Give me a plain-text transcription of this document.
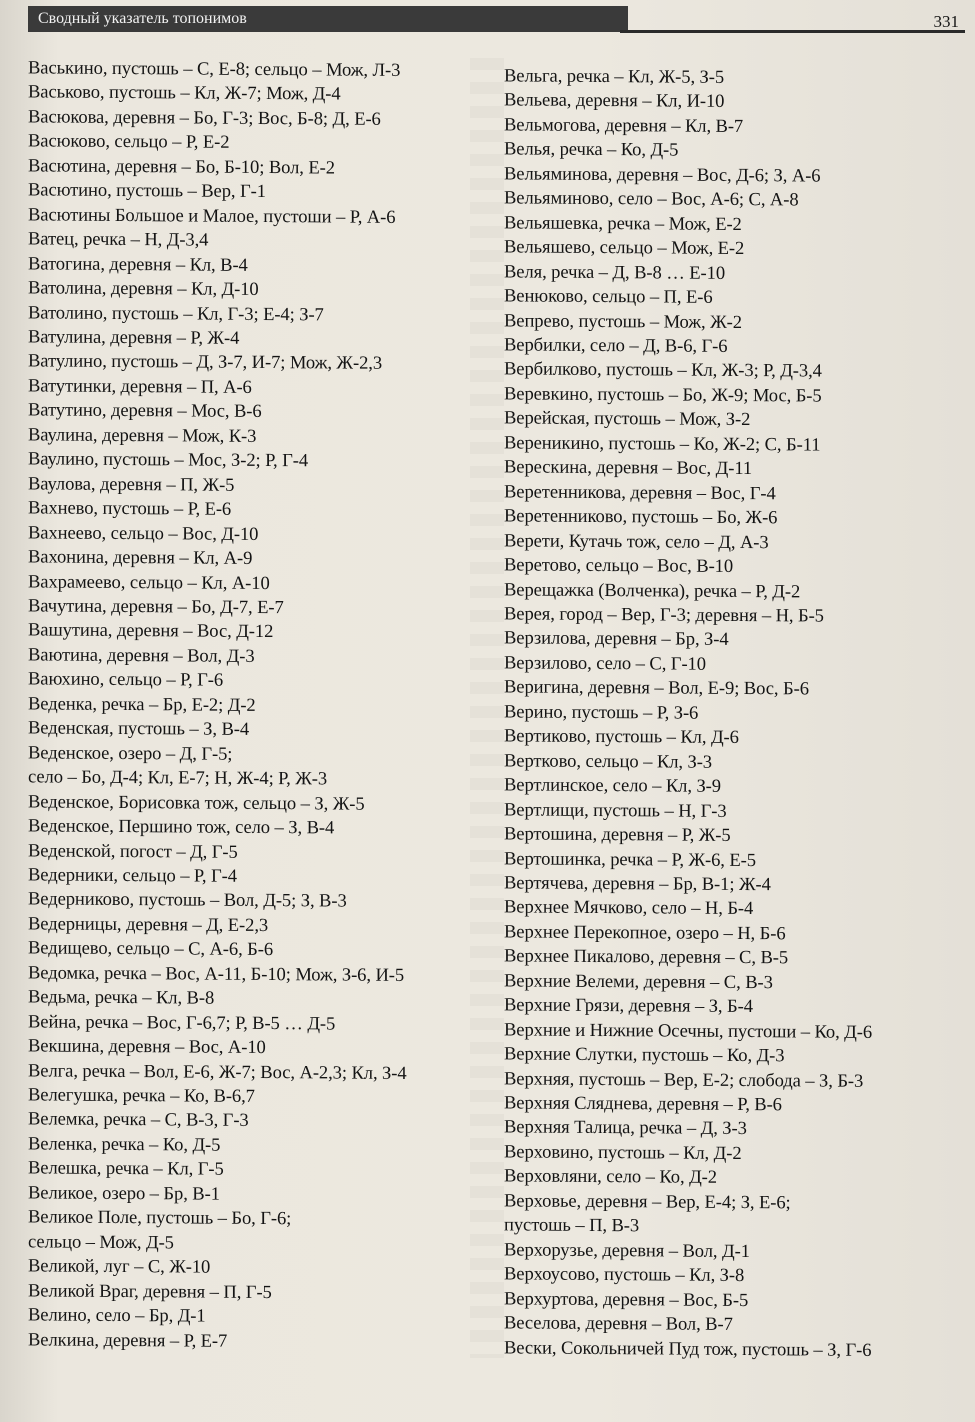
Сводный указатель топонимов	331
Васькино, пустошь – С, Е-8; сельцо – Мож, Л-3
Васьково, пустошь – Кл, Ж-7; Мож, Д-4
Васюкова, деревня – Бо, Г-3; Вос, Б-8; Д, Е-6
Васюково, сельцо – Р, Е-2
Васютина, деревня – Бо, Б-10; Вол, Е-2
Васютино, пустошь – Вер, Г-1
Васютины Большое и Малое, пустоши – Р, А-6
Ватец, речка – Н, Д-3,4
Ватогина, деревня – Кл, В-4
Ватолина, деревня – Кл, Д-10
Ватолино, пустошь – Кл, Г-3; Е-4; З-7
Ватулина, деревня – Р, Ж-4
Ватулино, пустошь – Д, З-7, И-7; Мож, Ж-2,3
Ватутинки, деревня – П, А-6
Ватутино, деревня – Мос, В-6
Ваулина, деревня – Мож, К-3
Ваулино, пустошь – Мос, З-2; Р, Г-4
Ваулова, деревня – П, Ж-5
Вахнево, пустошь – Р, Е-6
Вахнеево, сельцо – Вос, Д-10
Вахонина, деревня – Кл, А-9
Вахрамеево, сельцо – Кл, А-10
Вачутина, деревня – Бо, Д-7, Е-7
Вашутина, деревня – Вос, Д-12
Ваютина, деревня – Вол, Д-3
Ваюхино, сельцо – Р, Г-6
Веденка, речка – Бр, Е-2; Д-2
Веденская, пустошь – З, В-4
Веденское, озеро – Д, Г-5;
село – Бо, Д-4; Кл, Е-7; Н, Ж-4; Р, Ж-3
Веденское, Борисовка тож, сельцо – З, Ж-5
Веденское, Першино тож, село – З, В-4
Веденской, погост – Д, Г-5
Ведерники, сельцо – Р, Г-4
Ведерниково, пустошь – Вол, Д-5; З, В-3
Ведерницы, деревня – Д, Е-2,3
Ведищево, сельцо – С, А-6, Б-6
Ведомка, речка – Вос, А-11, Б-10; Мож, З-6, И-5
Ведьма, речка – Кл, В-8
Вейна, речка – Вос, Г-6,7; Р, В-5 … Д-5
Векшина, деревня – Вос, А-10
Велга, речка – Вол, Е-6, Ж-7; Вос, А-2,3; Кл, З-4
Велегушка, речка – Ко, В-6,7
Велемка, речка – С, В-3, Г-3
Веленка, речка – Ко, Д-5
Велешка, речка – Кл, Г-5
Великое, озеро – Бр, В-1
Великое Поле, пустошь – Бо, Г-6;
сельцо – Мож, Д-5
Великой, луг – С, Ж-10
Великой Враг, деревня – П, Г-5
Велино, село – Бр, Д-1
Велкина, деревня – Р, Е-7
Вельга, речка – Кл, Ж-5, З-5
Вельева, деревня – Кл, И-10
Вельмогова, деревня – Кл, В-7
Велья, речка – Ко, Д-5
Вельяминова, деревня – Вос, Д-6; З, А-6
Вельяминово, село – Вос, А-6; С, А-8
Вельяшевка, речка – Мож, Е-2
Вельяшево, сельцо – Мож, Е-2
Веля, речка – Д, В-8 … Е-10
Венюково, сельцо – П, Е-6
Вепрево, пустошь – Мож, Ж-2
Вербилки, село – Д, В-6, Г-6
Вербилково, пустошь – Кл, Ж-3; Р, Д-3,4
Веревкино, пустошь – Бо, Ж-9; Мос, Б-5
Верейская, пустошь – Мож, З-2
Вереникино, пустошь – Ко, Ж-2; С, Б-11
Верескина, деревня – Вос, Д-11
Веретенникова, деревня – Вос, Г-4
Веретенниково, пустошь – Бо, Ж-6
Верети, Кутачь тож, село – Д, А-3
Веретово, сельцо – Вос, В-10
Верещажка (Волченка), речка – Р, Д-2
Верея, город – Вер, Г-3; деревня – Н, Б-5
Верзилова, деревня – Бр, З-4
Верзилово, село – С, Г-10
Веригина, деревня – Вол, Е-9; Вос, Б-6
Верино, пустошь – Р, З-6
Вертиково, пустошь – Кл, Д-6
Вертково, сельцо – Кл, З-3
Вертлинское, село – Кл, З-9
Вертлищи, пустошь – Н, Г-3
Вертошина, деревня – Р, Ж-5
Вертошинка, речка – Р, Ж-6, Е-5
Вертячева, деревня – Бр, В-1; Ж-4
Верхнее Мячково, село – Н, Б-4
Верхнее Перекопное, озеро – Н, Б-6
Верхнее Пикалово, деревня – С, В-5
Верхние Велеми, деревня – С, В-3
Верхние Грязи, деревня – З, Б-4
Верхние и Нижние Осечны, пустоши – Ко, Д-6
Верхние Слутки, пустошь – Ко, Д-3
Верхняя, пустошь – Вер, Е-2; слобода – З, Б-3
Верхняя Сляднева, деревня – Р, В-6
Верхняя Талица, речка – Д, З-3
Верховино, пустошь – Кл, Д-2
Верховляни, село – Ко, Д-2
Верховье, деревня – Вер, Е-4; З, Е-6;
пустошь – П, В-3
Верхорузье, деревня – Вол, Д-1
Верхоусово, пустошь – Кл, З-8
Верхуртова, деревня – Вос, Б-5
Веселова, деревня – Вол, В-7
Вески, Сокольничей Пуд тож, пустошь – З, Г-6
